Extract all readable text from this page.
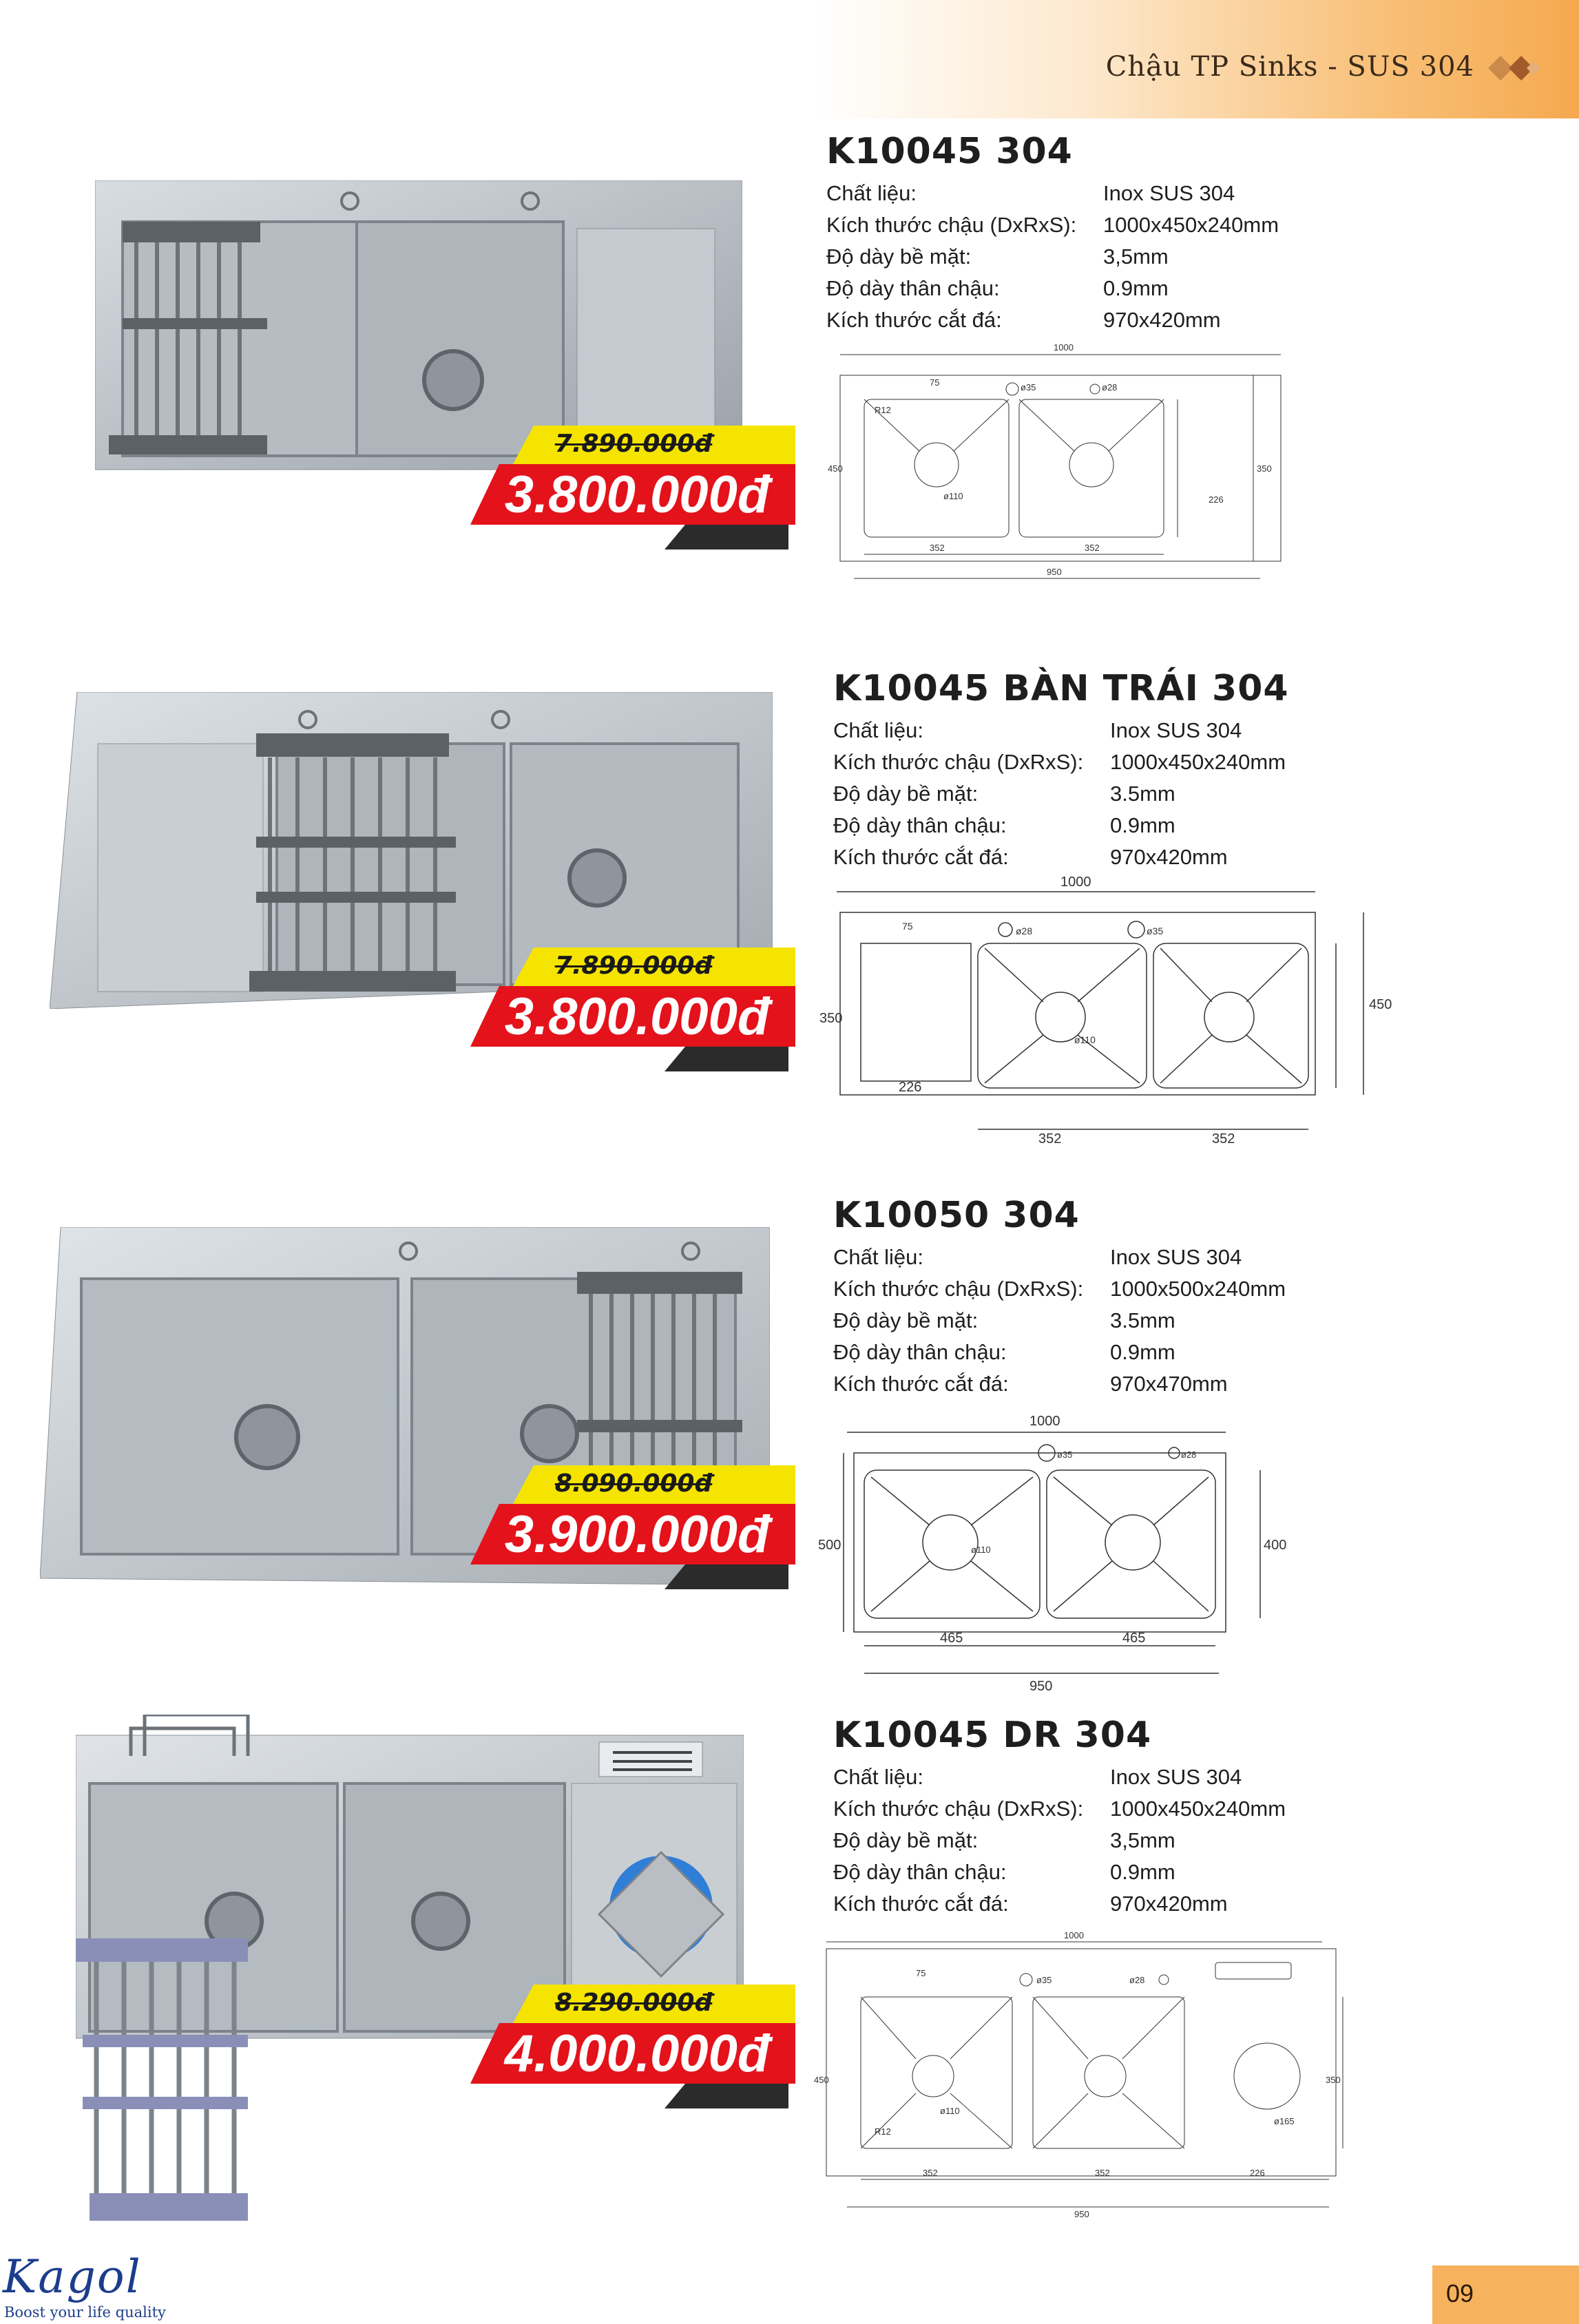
Chậu TP Sinks - SUS 304
7.890.000đ
3.800.000đ
K10045 304
Chất liệu:	Inox SUS 304
Kích thước chậu (DxRxS):	1000x450x240mm
Độ dày bề mặt:	3,5mm
Độ dày thân chậu:	0.9mm
Kích thước cắt đá:	970x420mm
1000
352	352
950
450	350
226
ø110
ø35	ø28
R12
75
7.890.000đ
3.800.000đ
K10045 BÀN TRÁI 304
Chất liệu:	Inox SUS 304
Kích thước chậu (DxRxS):	1000x450x240mm
Độ dày bề mặt:	3.5mm
Độ dày thân chậu:	0.9mm
Kích thước cắt đá:	970x420mm
1000
352	352
450
350
226
ø110
ø28	ø35
75
8.090.000đ
3.900.000đ
K10050 304
Chất liệu:	Inox SUS 304
Kích thước chậu (DxRxS):	1000x500x240mm
Độ dày bề mặt:	3.5mm
Độ dày thân chậu:	0.9mm
Kích thước cắt đá:	970x470mm
1000
465	465
950
500	400
ø110
ø35	ø28
8.290.000đ
4.000.000đ
K10045 DR 304
Chất liệu:	Inox SUS 304
Kích thước chậu (DxRxS):	1000x450x240mm
Độ dày bề mặt:	3,5mm
Độ dày thân chậu:	0.9mm
Kích thước cắt đá:	970x420mm
1000
352	352	226
950
450	350
ø110
ø35	ø28
ø165
R12
75
Kagol
Boost your life quality
09
